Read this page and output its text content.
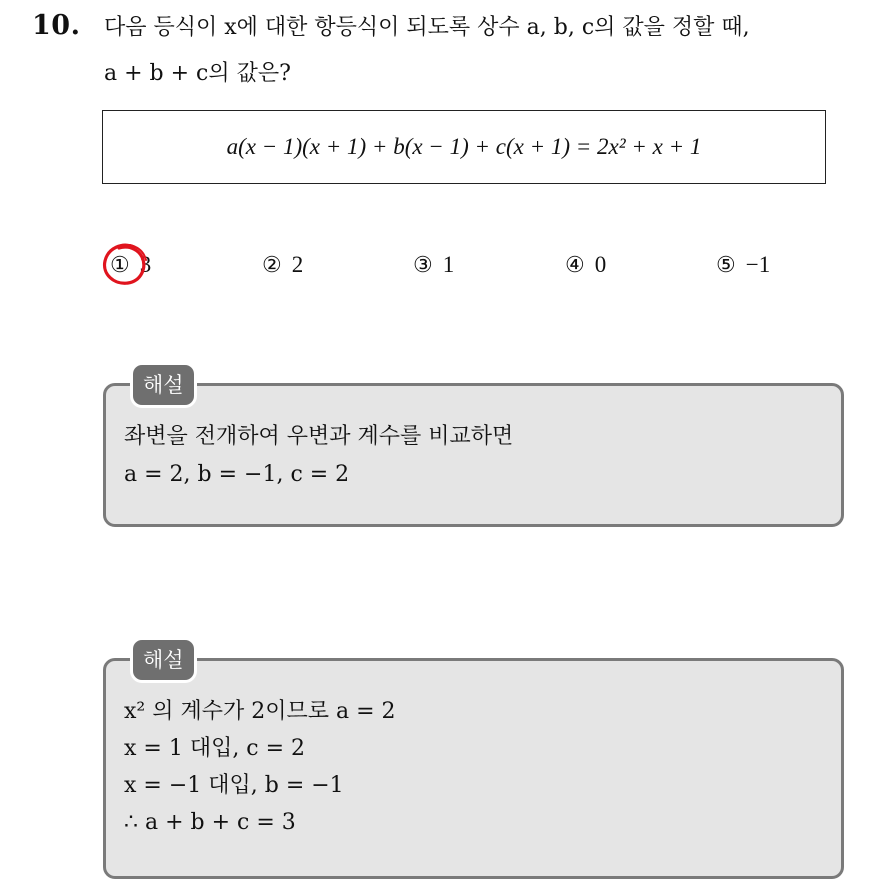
10. 다음 등식이 x에 대한 항등식이 되도록 상수 a, b, c의 값을 정할 때,
a + b + c의 값은?
a(x − 1)(x + 1) + b(x − 1) + c(x + 1) = 2x² + x + 1
① 3	② 2	③ 1	④ 0	⑤ −1
해설
좌변을 전개하여 우변과 계수를 비교하면
a = 2, b = −1, c = 2
해설
x² 의 계수가 2이므로 a = 2
x = 1 대입, c = 2
x = −1 대입, b = −1
∴ a + b + c = 3
